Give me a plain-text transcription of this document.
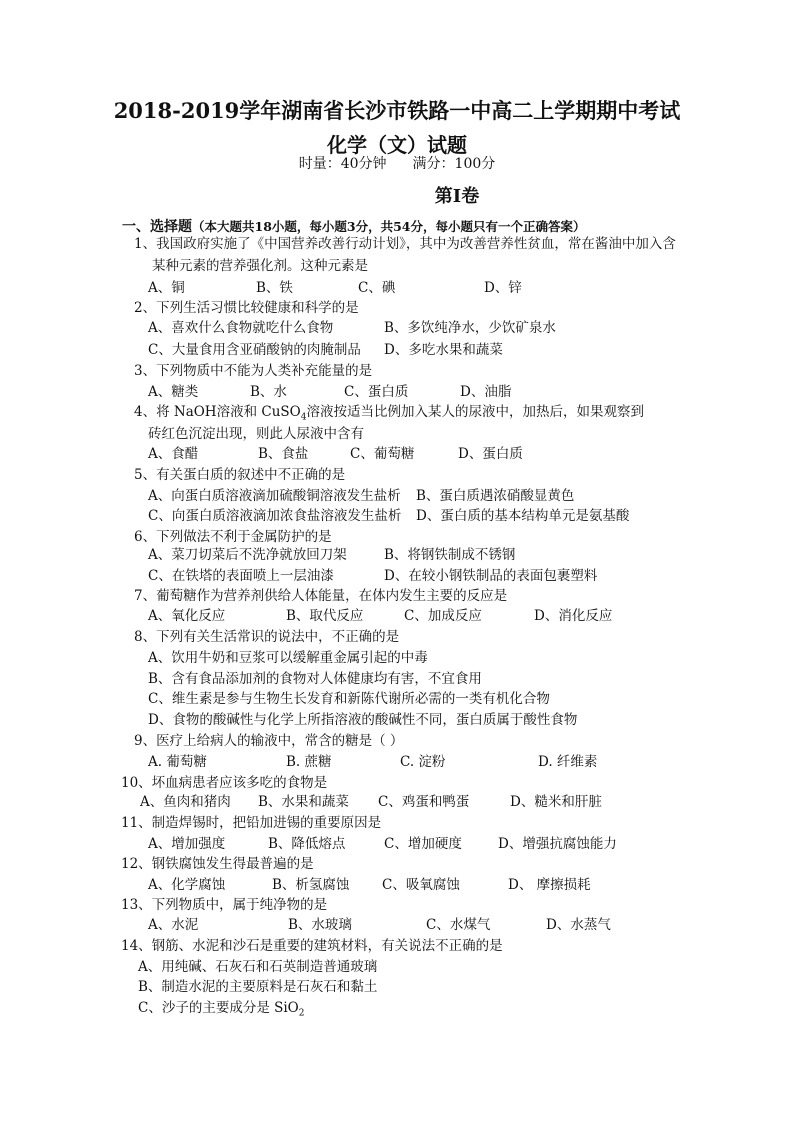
2018-2019学年湖南省长沙市铁路一中高二上学期期中考试
化学（文）试题
时量：40分钟 满分：100分
第Ⅰ卷
一、选择题（本大题共18小题，每小题3分，共54分，每小题只有一个正确答案）
1、我国政府实施了《中国营养改善行动计划》，其中为改善营养性贫血，常在酱油中加入含
某种元素的营养强化剂。这种元素是
A、铜	B、铁	C、碘	D、锌
2、下列生活习惯比较健康和科学的是
A、喜欢什么食物就吃什么食物	B、多饮纯净水，少饮矿泉水
C、大量食用含亚硝酸钠的肉腌制品 D、多吃水果和蔬菜
3、下列物质中不能为人类补充能量的是
A、糖类	B、水	C、蛋白质	D、油脂
4、将 NaOH溶液和 CuSO$_4$溶液按适当比例加入某人的尿液中，加热后，如果观察到
砖红色沉淀出现，则此人尿液中含有
A、食醋	B、食盐	C、葡萄糖	D、蛋白质
5、有关蛋白质的叙述中不正确的是
A、向蛋白质溶液滴加硫酸铜溶液发生盐析 B、蛋白质遇浓硝酸显黄色
C、向蛋白质溶液滴加浓食盐溶液发生盐析 D、蛋白质的基本结构单元是氨基酸
6、下列做法不利于金属防护的是
A、菜刀切菜后不洗净就放回刀架	B、将钢铁制成不锈钢
C、在铁塔的表面喷上一层油漆	D、在较小钢铁制品的表面包裹塑料
7、葡萄糖作为营养剂供给人体能量，在体内发生主要的反应是
A、氧化反应	B、取代反应	C、加成反应	D、消化反应
8、下列有关生活常识的说法中，不正确的是
A、饮用牛奶和豆浆可以缓解重金属引起的中毒
B、含有食品添加剂的食物对人体健康均有害，不宜食用
C、维生素是参与生物生长发育和新陈代谢所必需的一类有机化合物
D、食物的酸碱性与化学上所指溶液的酸碱性不同，蛋白质属于酸性食物
9、医疗上给病人的输液中，常含的糖是（ ）
A. 葡萄糖	B. 蔗糖	C. 淀粉	D. 纤维素
10、坏血病患者应该多吃的食物是
A、鱼肉和猪肉 B、水果和蔬菜 C、鸡蛋和鸭蛋	D、糙米和肝脏
11、制造焊锡时，把铅加进锡的重要原因是
A、增加强度	B、降低熔点	C、增加硬度	D、增强抗腐蚀能力
12、钢铁腐蚀发生得最普遍的是
A、化学腐蚀	B、析氢腐蚀 C、吸氧腐蚀	D、 摩擦损耗
13、下列物质中，属于纯净物的是
A、水泥	B、水玻璃	C、水煤气	D、水蒸气
14、钢筋、水泥和沙石是重要的建筑材料，有关说法不正确的是
A、用纯碱、石灰石和石英制造普通玻璃
B、制造水泥的主要原料是石灰石和黏土
C、沙子的主要成分是 SiO$_2$
